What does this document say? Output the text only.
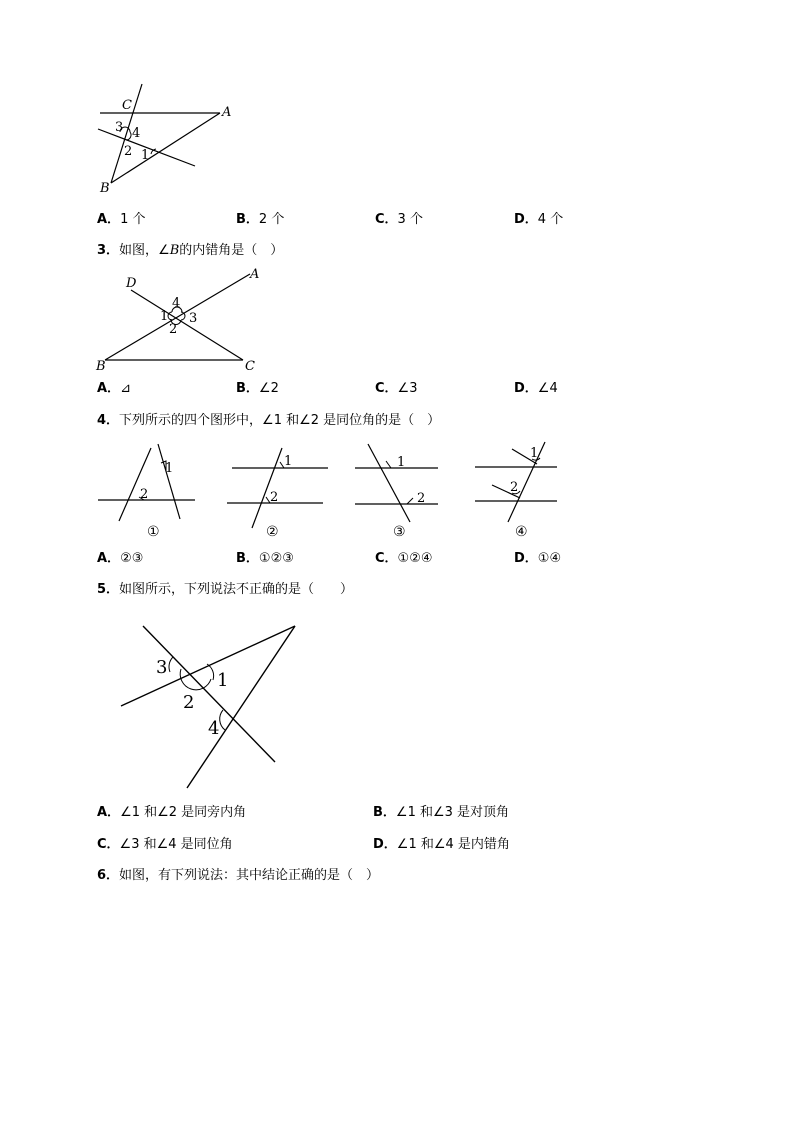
C	A
B
3 4
2 1
A．1 个	B．2 个	C．3 个	D．4 个
3．如图，∠B的内错角是（　）
D
A
B	C
4
1 3
2
A．⊿	B．∠2	C．∠3	D．∠4
4．下列所示的四个图形中，∠1 和∠2 是同位角的是（　）
1
2
①
1
2
②
1
2
③
1
2
④
A．②③	B．①②③	C．①②④	D．①④
5．如图所示，下列说法不正确的是（　　）
3
1
2
4
A．∠1 和∠2 是同旁内角	B．∠1 和∠3 是对顶角
C．∠3 和∠4 是同位角	D．∠1 和∠4 是内错角
6．如图，有下列说法：其中结论正确的是（　）
